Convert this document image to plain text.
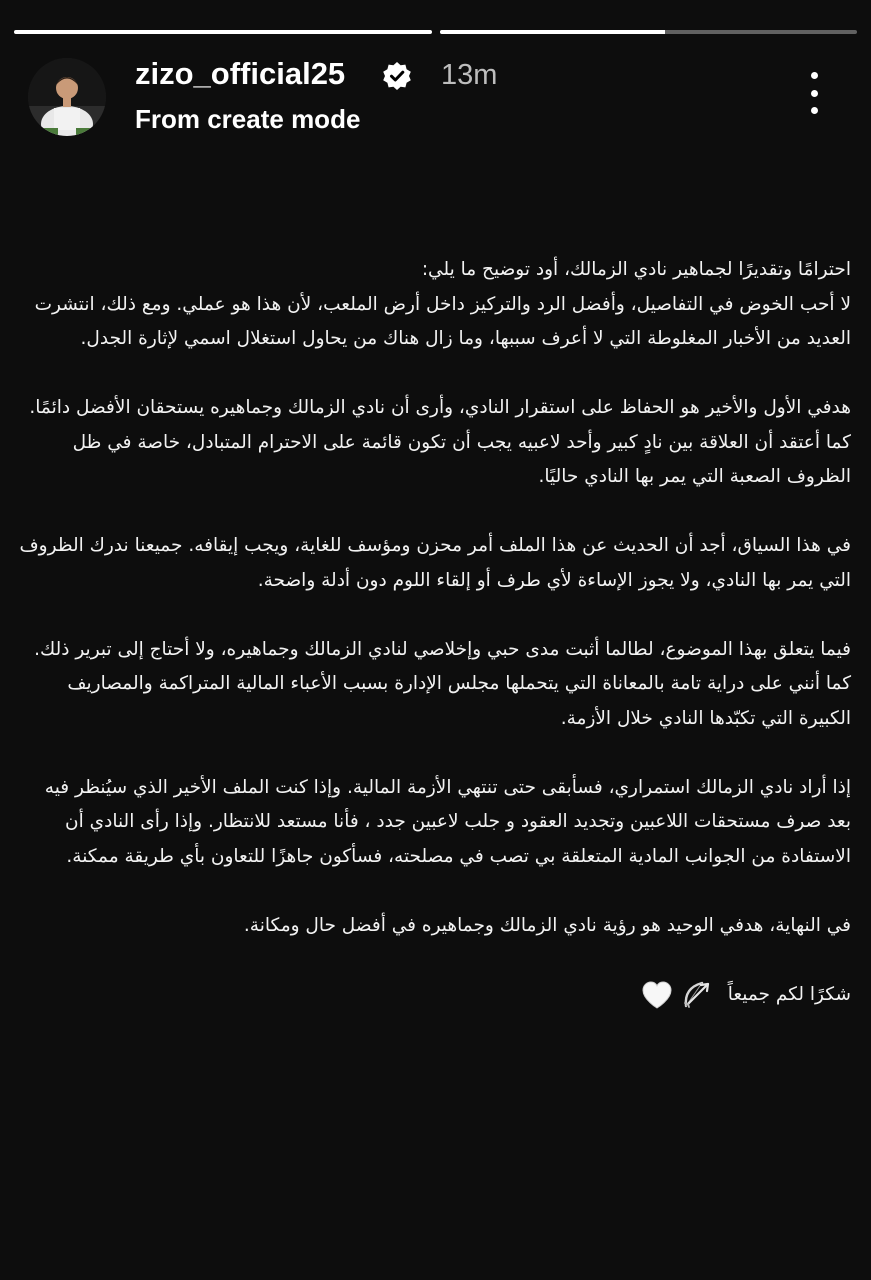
zizo_official25	13m
From create mode

احترامًا وتقديرًا لجماهير نادي الزمالك، أود توضيح ما يلي:
لا أحب الخوض في التفاصيل، وأفضل الرد والتركيز داخل أرض الملعب، لأن هذا هو عملي. ومع ذلك، انتشرت العديد من الأخبار المغلوطة التي لا أعرف سببها، وما زال هناك من يحاول استغلال اسمي لإثارة الجدل.

هدفي الأول والأخير هو الحفاظ على استقرار النادي، وأرى أن نادي الزمالك وجماهيره يستحقان الأفضل دائمًا. كما أعتقد أن العلاقة بين نادٍ كبير وأحد لاعبيه يجب أن تكون قائمة على الاحترام المتبادل، خاصة في ظل الظروف الصعبة التي يمر بها النادي حاليًا.

في هذا السياق، أجد أن الحديث عن هذا الملف أمر محزن ومؤسف للغاية، ويجب إيقافه. جميعنا ندرك الظروف التي يمر بها النادي، ولا يجوز الإساءة لأي طرف أو إلقاء اللوم دون أدلة واضحة.

فيما يتعلق بهذا الموضوع، لطالما أثبت مدى حبي وإخلاصي لنادي الزمالك وجماهيره، ولا أحتاج إلى تبرير ذلك. كما أنني على دراية تامة بالمعاناة التي يتحملها مجلس الإدارة بسبب الأعباء المالية المتراكمة والمصاريف الكبيرة التي تكبّدها النادي خلال الأزمة.

إذا أراد نادي الزمالك استمراري، فسأبقى حتى تنتهي الأزمة المالية. وإذا كنت الملف الأخير الذي سيُنظر فيه بعد صرف مستحقات اللاعبين وتجديد العقود و جلب لاعبين جدد ، فأنا مستعد للانتظار. وإذا رأى النادي أن الاستفادة من الجوانب المادية المتعلقة بي تصب في مصلحته، فسأكون جاهزًا للتعاون بأي طريقة ممكنة.

في النهاية، هدفي الوحيد هو رؤية نادي الزمالك وجماهيره في أفضل حال ومكانة.

شكرًا لكم جميعاً
